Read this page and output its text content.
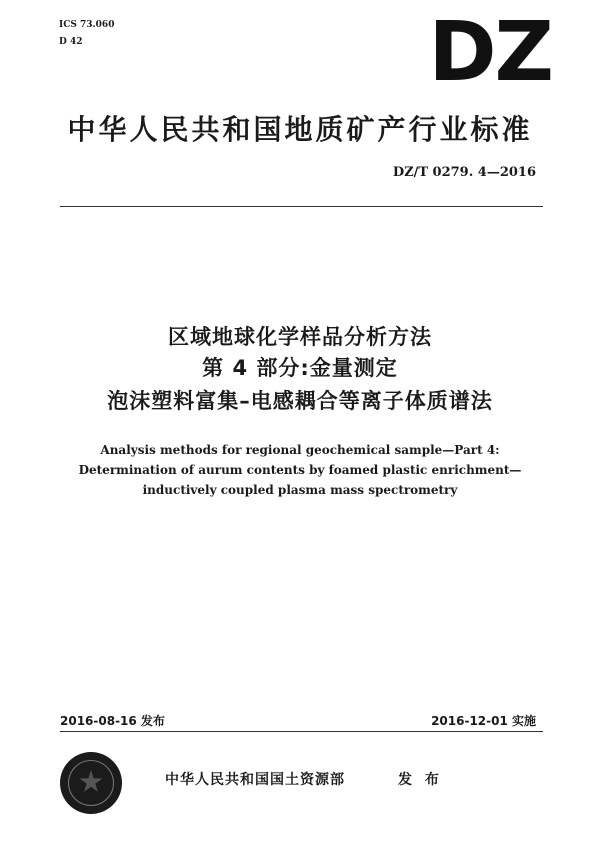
ICS 73.060
D 42	DZ
中华人民共和国地质矿产行业标准
DZ/T 0279. 4—2016
区域地球化学样品分析方法
第 4 部分:金量测定
泡沫塑料富集–电感耦合等离子体质谱法
Analysis methods for regional geochemical sample—Part 4: Determination of aurum contents by foamed plastic enrichment—inductively coupled plasma mass spectrometry
2016-08-16 发布	2016-12-01 实施
中华人民共和国国土资源部	发 布
